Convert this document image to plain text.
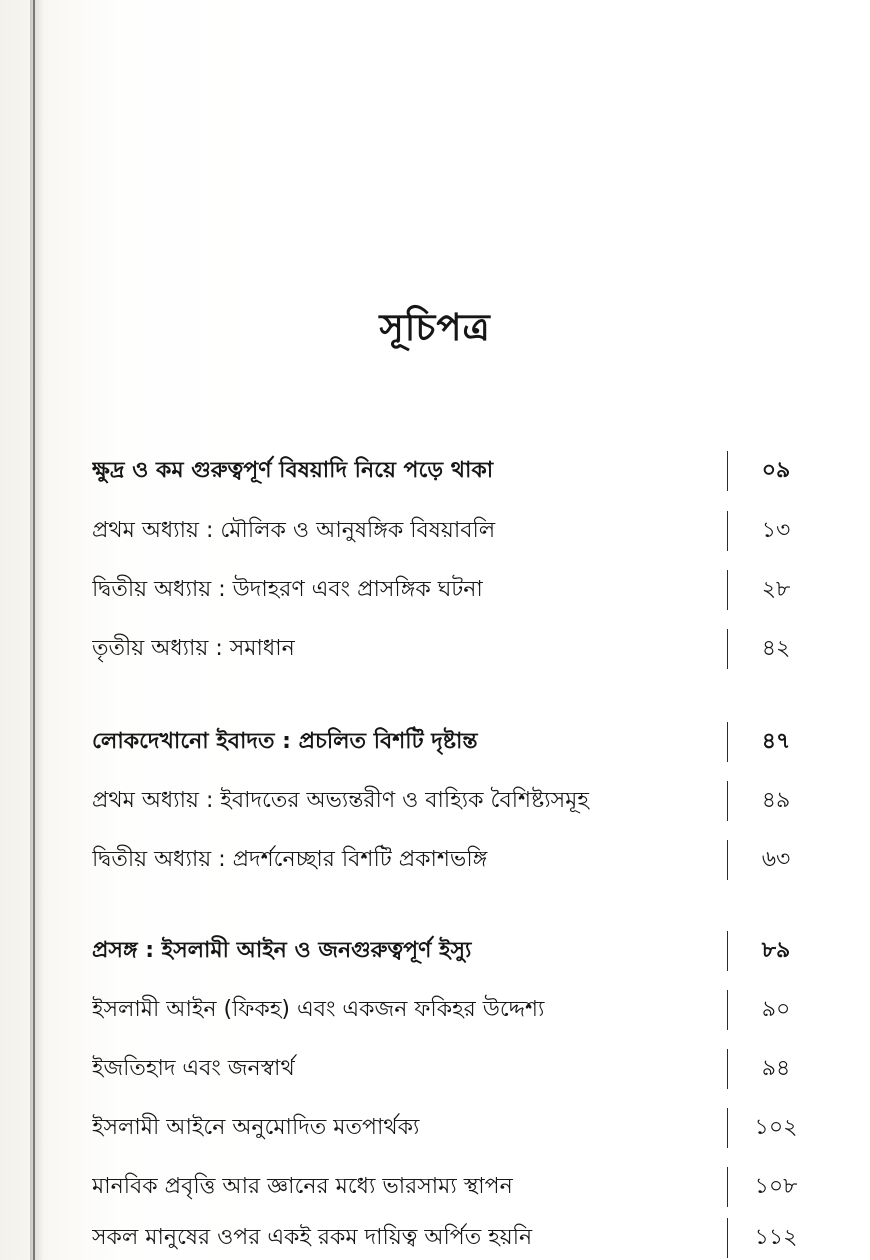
সূচিপত্র
ক্ষুদ্র ও কম গুরুত্বপূর্ণ বিষয়াদি নিয়ে পড়ে থাকা	০৯
প্রথম অধ্যায় : মৌলিক ও আনুষঙ্গিক বিষয়াবলি	১৩
দ্বিতীয় অধ্যায় : উদাহরণ এবং প্রাসঙ্গিক ঘটনা	২৮
তৃতীয় অধ্যায় : সমাধান	৪২
লোকদেখানো ইবাদত : প্রচলিত বিশটি দৃষ্টান্ত	৪৭
প্রথম অধ্যায় : ইবাদতের অভ্যন্তরীণ ও বাহ্যিক বৈশিষ্ট্যসমূহ	৪৯
দ্বিতীয় অধ্যায় : প্রদর্শনেচ্ছার বিশটি প্রকাশভঙ্গি	৬৩
প্রসঙ্গ : ইসলামী আইন ও জনগুরুত্বপূর্ণ ইস্যু	৮৯
ইসলামী আইন (ফিকহ) এবং একজন ফকিহর উদ্দেশ্য	৯০
ইজতিহাদ এবং জনস্বার্থ	৯৪
ইসলামী আইনে অনুমোদিত মতপার্থক্য	১০২
মানবিক প্রবৃত্তি আর জ্ঞানের মধ্যে ভারসাম্য স্থাপন	১০৮
সকল মানুষের ওপর একই রকম দায়িত্ব অর্পিত হয়নি	১১২
